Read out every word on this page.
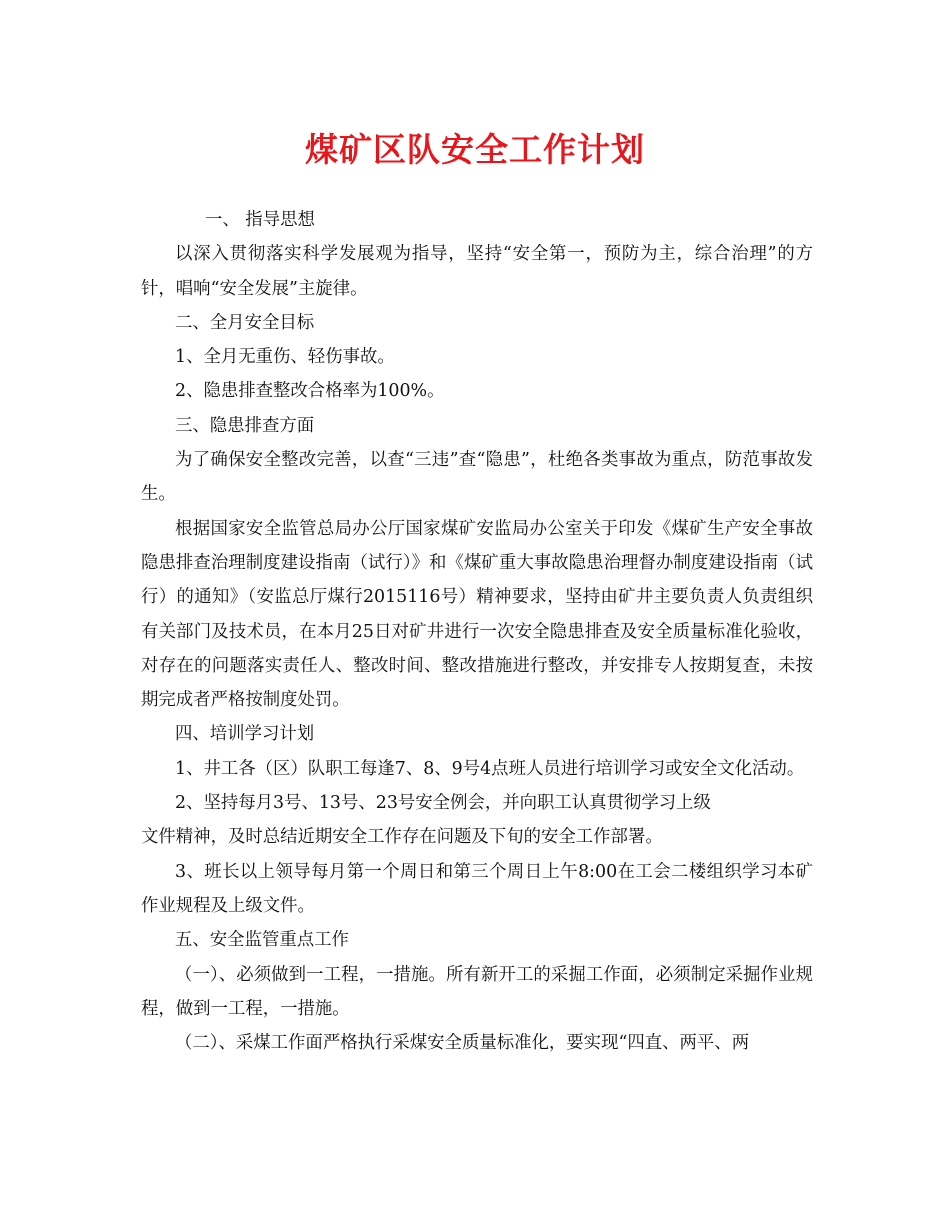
煤矿区队安全工作计划

一、 指导思想

以深入贯彻落实科学发展观为指导，坚持“安全第一，预防为主，综合治理”的方针，唱响“安全发展”主旋律。

二、全月安全目标

1、全月无重伤、轻伤事故。

2、隐患排查整改合格率为100%。

三、隐患排查方面

为了确保安全整改完善，以查“三违”查“隐患”，杜绝各类事故为重点，防范事故发生。

根据国家安全监管总局办公厅国家煤矿安监局办公室关于印发《煤矿生产安全事故隐患排查治理制度建设指南（试行）》和《煤矿重大事故隐患治理督办制度建设指南（试行）的通知》（安监总厅煤行2015116号）精神要求，坚持由矿井主要负责人负责组织有关部门及技术员，在本月25日对矿井进行一次安全隐患排查及安全质量标准化验收，对存在的问题落实责任人、整改时间、整改措施进行整改，并安排专人按期复查，未按期完成者严格按制度处罚。

四、培训学习计划

1、井工各（区）队职工每逢7、8、9号4点班人员进行培训学习或安全文化活动。

2、坚持每月3号、13号、23号安全例会，并向职工认真贯彻学习上级

文件精神，及时总结近期安全工作存在问题及下旬的安全工作部署。

3、班长以上领导每月第一个周日和第三个周日上午8:00在工会二楼组织学习本矿作业规程及上级文件。

五、安全监管重点工作

（一）、必须做到一工程，一措施。所有新开工的采掘工作面，必须制定采掘作业规程，做到一工程，一措施。

（二）、采煤工作面严格执行采煤安全质量标准化，要实现“四直、两平、两
